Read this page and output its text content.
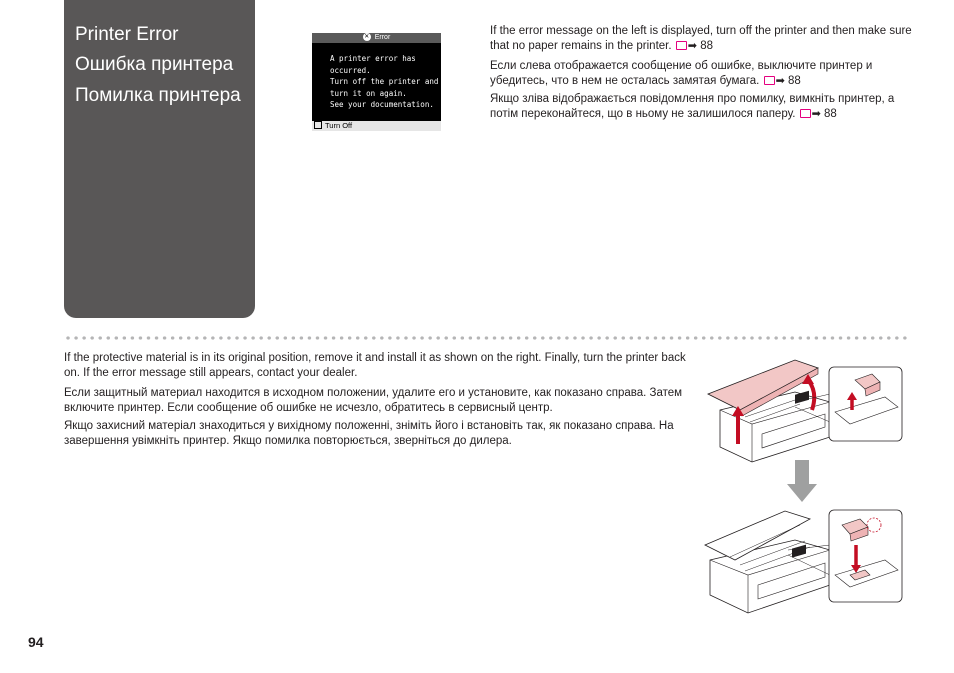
Printer Error
Ошибка принтера
Помилка принтера
✕ Error
A printer error has
occurred.
Turn off the printer and
turn it on again.
See your documentation.
Turn Off
If the error message on the left is displayed, turn off the printer and then make sure that no paper remains in the printer. ➡ 88
Если слева отображается сообщение об ошибке, выключите принтер и убедитесь, что в нем не осталась замятая бумага. ➡ 88
Якщо зліва відображається повідомлення про помилку, вимкніть принтер, а потім переконайтеся, що в ньому не залишилося паперу. ➡ 88
If the protective material is in its original position, remove it and install it as shown on the right. Finally, turn the printer back on. If the error message still appears, contact your dealer.
Если защитный материал находится в исходном положении, удалите его и установите, как показано справа. Затем включите принтер. Если сообщение об ошибке не исчезло, обратитесь в сервисный центр.
Якщо захисний матеріал знаходиться у вихідному положенні, зніміть його і встановіть так, як показано справа. На завершення увімкніть принтер. Якщо помилка повторюється, зверніться до дилера.
94
